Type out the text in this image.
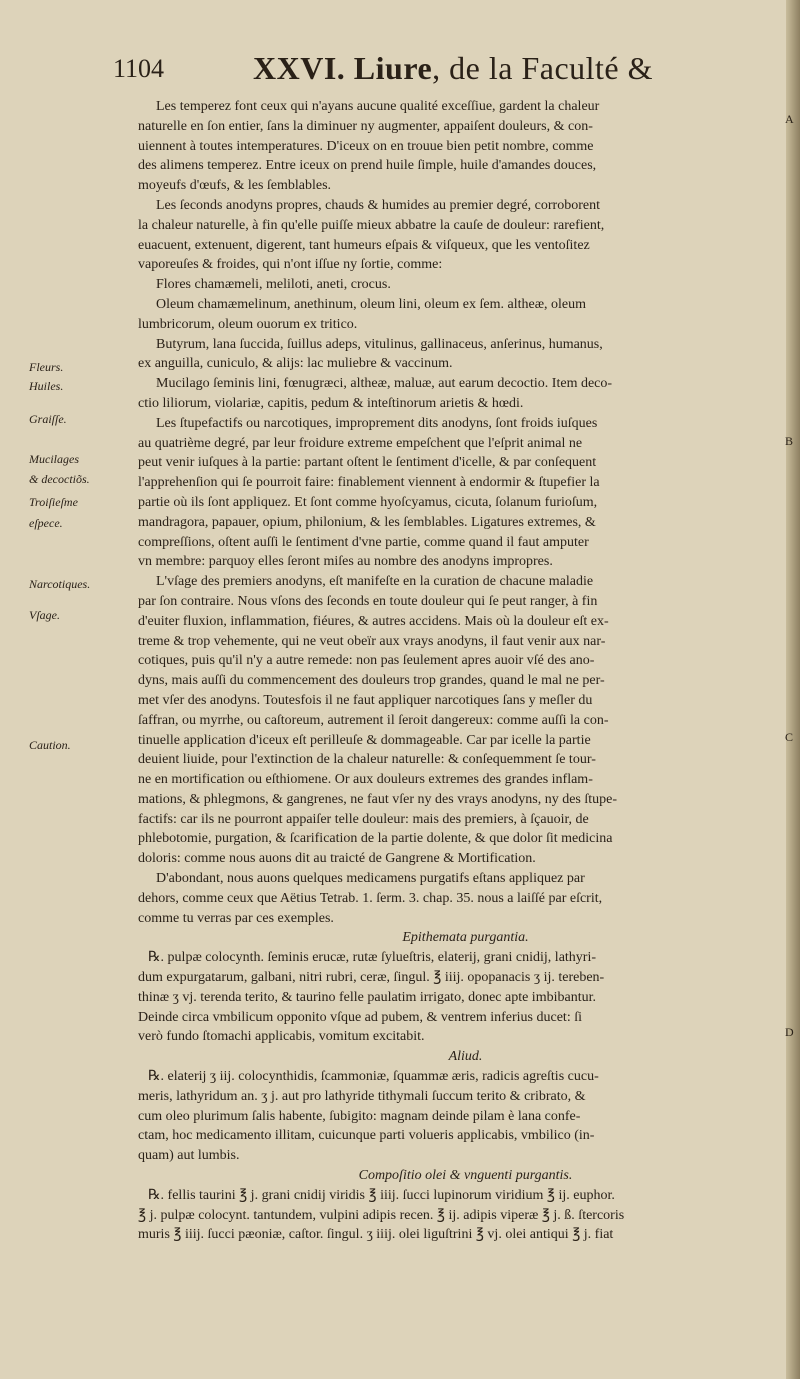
1104	XXVI. Liure, de la Faculté &
Fleurs.
Huiles.
Graiſſe.
Mucilages
& decoctiõs.
Troiſieſme
eſpece.
Narcotiques.
Vſage.
Caution.
A
B
C
D
Les temperez font ceux qui n'ayans aucune qualité exceſſiue, gardent la chaleur
naturelle en ſon entier, ſans la diminuer ny augmenter, appaiſent douleurs, & con-
uiennent à toutes intemperatures. D'iceux on en trouue bien petit nombre, comme
des alimens temperez. Entre iceux on prend huile ſimple, huile d'amandes douces,
moyeufs d'œufs, & les ſemblables.
Les ſeconds anodyns propres, chauds & humides au premier degré, corroborent
la chaleur naturelle, à fin qu'elle puiſſe mieux abbatre la cauſe de douleur: rarefient,
euacuent, extenuent, digerent, tant humeurs eſpais & viſqueux, que les ventoſitez
vaporeuſes & froides, qui n'ont iſſue ny ſortie, comme:
Flores chamæmeli, meliloti, aneti, crocus.
Oleum chamæmelinum, anethinum, oleum lini, oleum ex ſem. altheæ, oleum
lumbricorum, oleum ouorum ex tritico.
Butyrum, lana ſuccida, ſuillus adeps, vitulinus, gallinaceus, anſerinus, humanus,
ex anguilla, cuniculo, & alijs: lac muliebre & vaccinum.
Mucilago ſeminis lini, fœnugræci, altheæ, maluæ, aut earum decoctio. Item deco-
ctio liliorum, violariæ, capitis, pedum & inteſtinorum arietis & hœdi.
Les ſtupefactifs ou narcotiques, improprement dits anodyns, ſont froids iuſques
au quatrième degré, par leur froidure extreme empeſchent que l'eſprit animal ne
peut venir iuſques à la partie: partant oſtent le ſentiment d'icelle, & par conſequent
l'apprehenſion qui ſe pourroit faire: finablement viennent à endormir & ſtupefier la
partie où ils ſont appliquez. Et ſont comme hyoſcyamus, cicuta, ſolanum furioſum,
mandragora, papauer, opium, philonium, & les ſemblables. Ligatures extremes, &
compreſſions, oſtent auſſi le ſentiment d'vne partie, comme quand il faut amputer
vn membre: parquoy elles ſeront miſes au nombre des anodyns impropres.
L'vſage des premiers anodyns, eſt manifeſte en la curation de chacune maladie
par ſon contraire. Nous vſons des ſeconds en toute douleur qui ſe peut ranger, à fin
d'euiter fluxion, inflammation, fiéures, & autres accidens. Mais où la douleur eſt ex-
treme & trop vehemente, qui ne veut obeïr aux vrays anodyns, il faut venir aux nar-
cotiques, puis qu'il n'y a autre remede: non pas ſeulement apres auoir vſé des ano-
dyns, mais auſſi du commencement des douleurs trop grandes, quand le mal ne per-
met vſer des anodyns. Toutesfois il ne faut appliquer narcotiques ſans y meſler du
ſaffran, ou myrrhe, ou caſtoreum, autrement il ſeroit dangereux: comme auſſi la con-
tinuelle application d'iceux eſt perilleuſe & dommageable. Car par icelle la partie
deuient liuide, pour l'extinction de la chaleur naturelle: & conſequemment ſe tour-
ne en mortification ou eſthiomene. Or aux douleurs extremes des grandes inflam-
mations, & phlegmons, & gangrenes, ne faut vſer ny des vrays anodyns, ny des ſtupe-
factifs: car ils ne pourront appaiſer telle douleur: mais des premiers, à ſçauoir, de
phlebotomie, purgation, & ſcarification de la partie dolente, & que dolor ſit medicina
doloris: comme nous auons dit au traicté de Gangrene & Mortification.
D'abondant, nous auons quelques medicamens purgatifs eſtans appliquez par
dehors, comme ceux que Aëtius Tetrab. 1. ſerm. 3. chap. 35. nous a laiſſé par eſcrit,
comme tu verras par ces exemples.
Epithemata purgantia.
℞. pulpæ colocynth. ſeminis erucæ, rutæ ſylueſtris, elaterij, grani cnidij, lathyri-
dum expurgatarum, galbani, nitri rubri, ceræ, ſingul. ℥ iiij. opopanacis ʒ ij. tereben-
thinæ ʒ vj. terenda terito, & taurino felle paulatim irrigato, donec apte imbibantur.
Deinde circa vmbilicum opponito vſque ad pubem, & ventrem inferius ducet: ſi
verò fundo ſtomachi applicabis, vomitum excitabit.
Aliud.
℞. elaterij ʒ iij. colocynthidis, ſcammoniæ, ſquammæ æris, radicis agreſtis cucu-
meris, lathyridum an. ʒ j. aut pro lathyride tithymali ſuccum terito & cribrato, &
cum oleo plurimum ſalis habente, ſubigito: magnam deinde pilam è lana confe-
ctam, hoc medicamento illitam, cuicunque parti volueris applicabis, vmbilico (in-
quam) aut lumbis.
Compoſitio olei & vnguenti purgantis.
℞. fellis taurini ℥ j. grani cnidij viridis ℥ iiij. ſucci lupinorum viridium ℥ ij. euphor.
℥ j. pulpæ colocynt. tantundem, vulpini adipis recen. ℥ ij. adipis viperæ ℥ j. ß. ſtercoris
muris ℥ iiij. ſucci pæoniæ, caſtor. ſingul. ʒ iiij. olei liguſtrini ℥ vj. olei antiqui ℥ j. fiat
